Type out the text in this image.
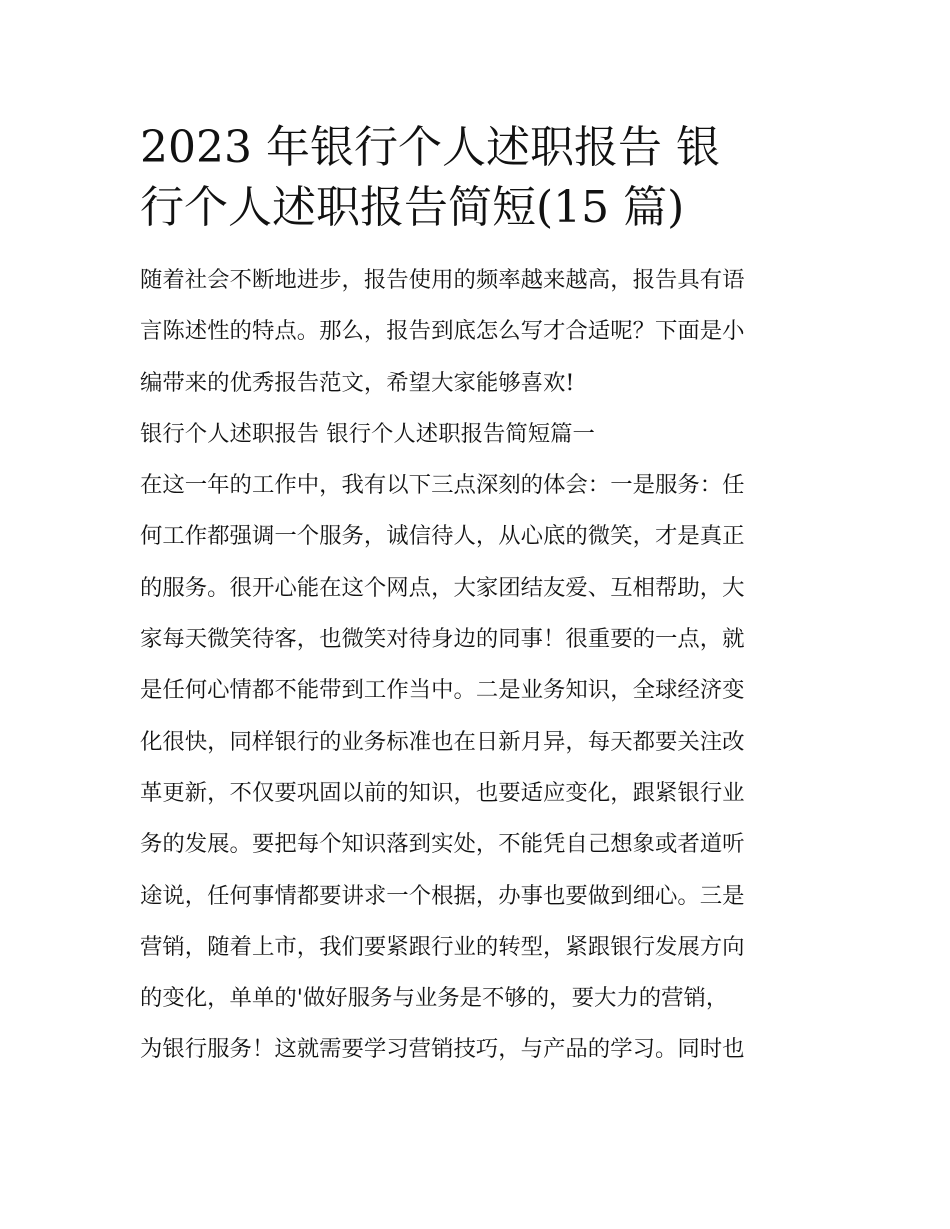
2023 年银行个人述职报告 银
行个人述职报告简短(15 篇)

随着社会不断地进步，报告使用的频率越来越高，报告具有语
言陈述性的特点。那么，报告到底怎么写才合适呢？下面是小
编带来的优秀报告范文，希望大家能够喜欢!

银行个人述职报告 银行个人述职报告简短篇一

在这一年的工作中，我有以下三点深刻的体会：一是服务：任
何工作都强调一个服务，诚信待人，从心底的微笑，才是真正
的服务。很开心能在这个网点，大家团结友爱、互相帮助，大
家每天微笑待客，也微笑对待身边的同事！很重要的一点，就
是任何心情都不能带到工作当中。二是业务知识，全球经济变
化很快，同样银行的业务标准也在日新月异，每天都要关注改
革更新，不仅要巩固以前的知识，也要适应变化，跟紧银行业
务的发展。要把每个知识落到实处，不能凭自己想象或者道听
途说，任何事情都要讲求一个根据，办事也要做到细心。三是
营销，随着上市，我们要紧跟行业的转型，紧跟银行发展方向
的变化，单单的'做好服务与业务是不够的，要大力的营销，
为银行服务！这就需要学习营销技巧，与产品的学习。同时也
